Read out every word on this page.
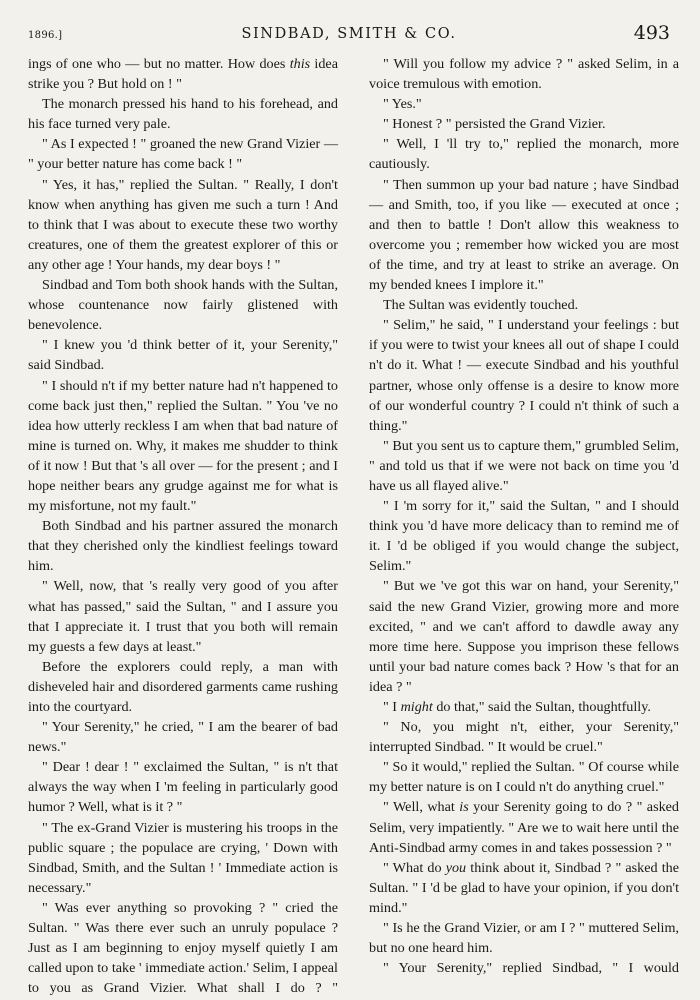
1896.]	SINDBAD, SMITH & CO.	493

ings of one who — but no matter. How does this idea strike you ? But hold on ! "

The monarch pressed his hand to his forehead, and his face turned very pale.

" As I expected ! " groaned the new Grand Vizier — " your better nature has come back ! "

" Yes, it has," replied the Sultan. " Really, I don't know when anything has given me such a turn ! And to think that I was about to execute these two worthy creatures, one of them the greatest explorer of this or any other age ! Your hands, my dear boys ! "

Sindbad and Tom both shook hands with the Sultan, whose countenance now fairly glistened with benevolence.

" I knew you 'd think better of it, your Serenity," said Sindbad.

" I should n't if my better nature had n't happened to come back just then," replied the Sultan. " You 've no idea how utterly reckless I am when that bad nature of mine is turned on. Why, it makes me shudder to think of it now ! But that 's all over — for the present ; and I hope neither bears any grudge against me for what is my misfortune, not my fault."

Both Sindbad and his partner assured the monarch that they cherished only the kindliest feelings toward him.

" Well, now, that 's really very good of you after what has passed," said the Sultan, " and I assure you that I appreciate it. I trust that you both will remain my guests a few days at least."

Before the explorers could reply, a man with disheveled hair and disordered garments came rushing into the courtyard.

" Your Serenity," he cried, " I am the bearer of bad news."

" Dear ! dear ! " exclaimed the Sultan, " is n't that always the way when I 'm feeling in particularly good humor ? Well, what is it ? "

" The ex-Grand Vizier is mustering his troops in the public square ; the populace are crying, ' Down with Sindbad, Smith, and the Sultan ! ' Immediate action is necessary."

" Was ever anything so provoking ? " cried the Sultan. " Was there ever such an unruly populace ? Just as I am beginning to enjoy myself quietly I am called upon to take ' immediate action.' Selim, I appeal to you as Grand Vizier. What shall I do ? "

" Will you follow my advice ? " asked Selim, in a voice tremulous with emotion.

" Yes."

" Honest ? " persisted the Grand Vizier.

" Well, I 'll try to," replied the monarch, more cautiously.

" Then summon up your bad nature ; have Sindbad — and Smith, too, if you like — executed at once ; and then to battle ! Don't allow this weakness to overcome you ; remember how wicked you are most of the time, and try at least to strike an average. On my bended knees I implore it."

The Sultan was evidently touched.

" Selim," he said, " I understand your feelings : but if you were to twist your knees all out of shape I could n't do it. What ! — execute Sindbad and his youthful partner, whose only offense is a desire to know more of our wonderful country ? I could n't think of such a thing."

" But you sent us to capture them," grumbled Selim, " and told us that if we were not back on time you 'd have us all flayed alive."

" I 'm sorry for it," said the Sultan, " and I should think you 'd have more delicacy than to remind me of it. I 'd be obliged if you would change the subject, Selim."

" But we 've got this war on hand, your Serenity," said the new Grand Vizier, growing more and more excited, " and we can't afford to dawdle away any more time here. Suppose you imprison these fellows until your bad nature comes back ? How 's that for an idea ? "

" I might do that," said the Sultan, thoughtfully.

" No, you might n't, either, your Serenity," interrupted Sindbad. " It would be cruel."

" So it would," replied the Sultan. " Of course while my better nature is on I could n't do anything cruel."

" Well, what is your Serenity going to do ? " asked Selim, very impatiently. " Are we to wait here until the Anti-Sindbad army comes in and takes possession ? "

" What do you think about it, Sindbad ? " asked the Sultan. " I 'd be glad to have your opinion, if you don't mind."

" Is he the Grand Vizier, or am I ? " muttered Selim, but no one heard him.

" Your Serenity," replied Sindbad, " I would
